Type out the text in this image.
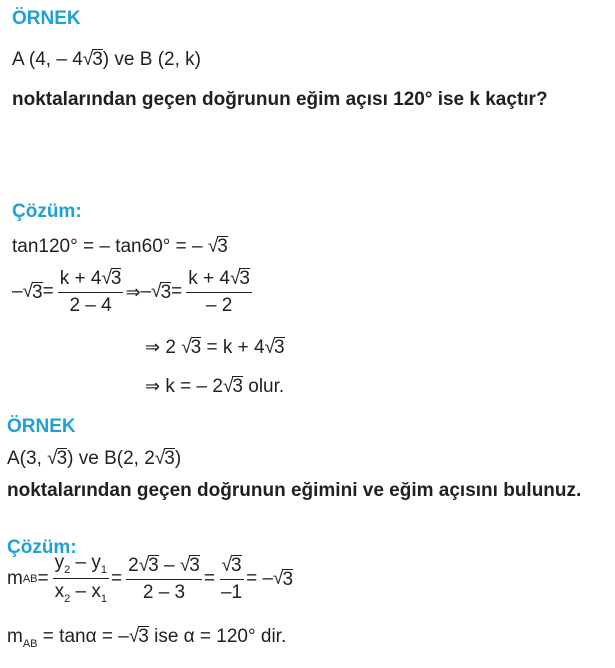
ÖRNEK
A (4, – 4√3) ve B (2, k)
noktalarından geçen doğrunun eğim açısı 120° ise k kaçtır?
Çözüm:
tan120° = – tan60° = – √3
– √ $3 = \frac{k + 4√3}{2 - 4}$ ⇒ – √ $3 = \frac{k + 4√3}{- 2}$
⇒ 2 √3 = k + 4√3
⇒ k = – 2√3 olur.
ÖRNEK
A(3, √3) ve B(2, 2√3)
noktalarından geçen doğrunun eğimini ve eğim açısını bulunuz.
Çözüm:
m AB = $\frac{y_2 - y_1}{x_2 - x_1} = \frac{2√3 - √3}{2 - 3} = \frac{√3}{-1}$ = – √ 3
$m_{AB} = \tan\alpha = -√3$ ise α = 120° dir.
